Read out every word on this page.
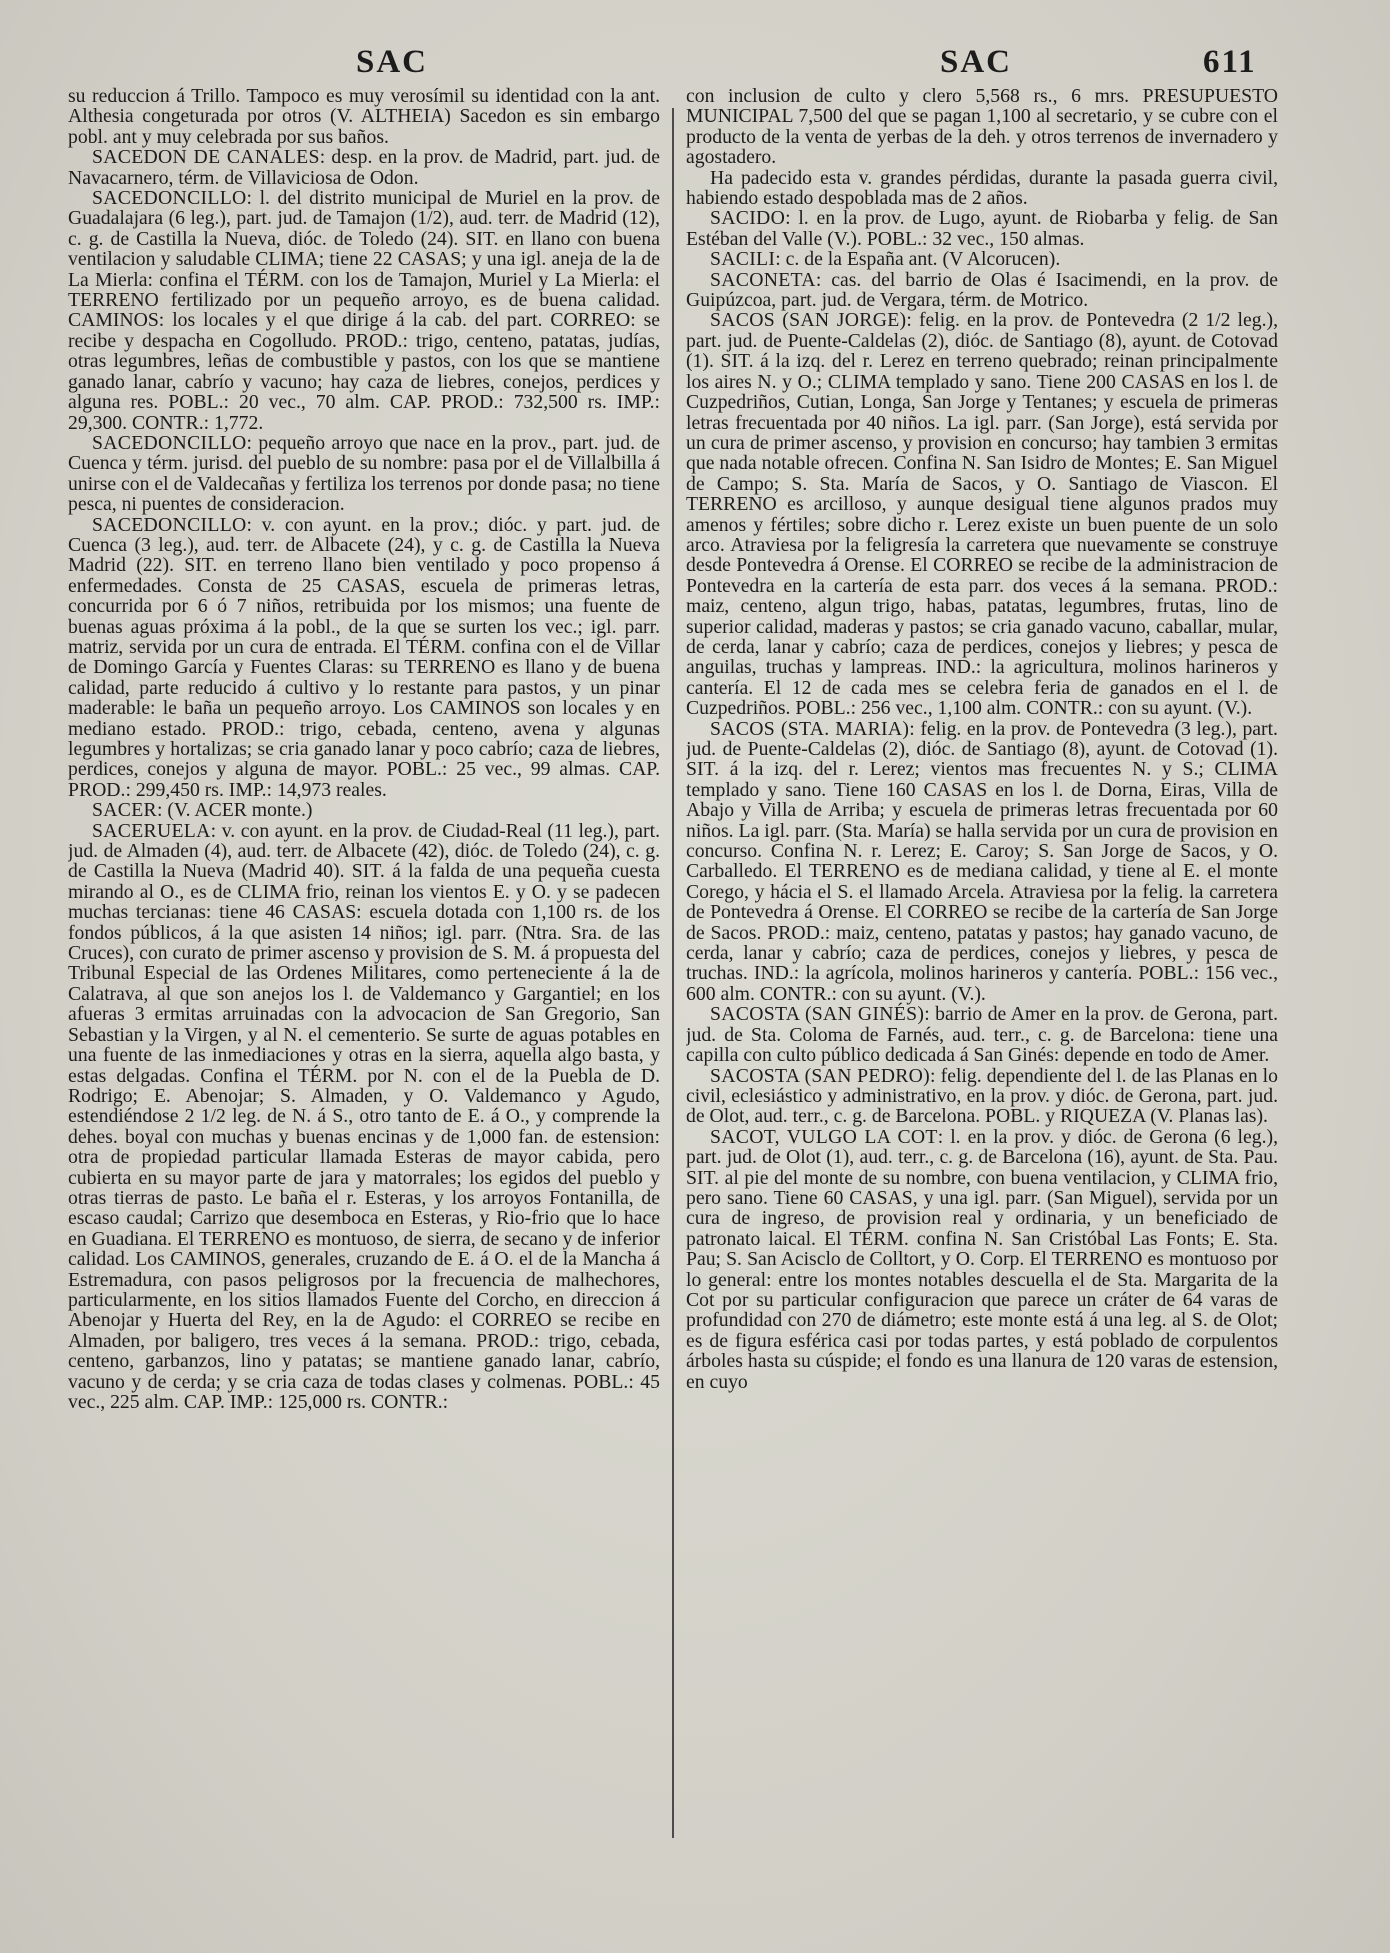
SAC	SAC	611

su reduccion á Trillo. Tampoco es muy verosímil su identidad con la ant. Althesia congeturada por otros (V. ALTHEIA) Sacedon es sin embargo pobl. ant y muy celebrada por sus baños.

SACEDON DE CANALES: desp. en la prov. de Madrid, part. jud. de Navacarnero, térm. de Villaviciosa de Odon.

SACEDONCILLO: l. del distrito municipal de Muriel en la prov. de Guadalajara (6 leg.), part. jud. de Tamajon (1/2), aud. terr. de Madrid (12), c. g. de Castilla la Nueva, dióc. de Toledo (24). SIT. en llano con buena ventilacion y saludable CLIMA; tiene 22 CASAS; y una igl. aneja de la de La Mierla: confina el TÉRM. con los de Tamajon, Muriel y La Mierla: el TERRENO fertilizado por un pequeño arroyo, es de buena calidad. CAMINOS: los locales y el que dirige á la cab. del part. CORREO: se recibe y despacha en Cogolludo. PROD.: trigo, centeno, patatas, judías, otras legumbres, leñas de combustible y pastos, con los que se mantiene ganado lanar, cabrío y vacuno; hay caza de liebres, conejos, perdices y alguna res. POBL.: 20 vec., 70 alm. CAP. PROD.: 732,500 rs. IMP.: 29,300. CONTR.: 1,772.

SACEDONCILLO: pequeño arroyo que nace en la prov., part. jud. de Cuenca y térm. jurisd. del pueblo de su nombre: pasa por el de Villalbilla á unirse con el de Valdecañas y fertiliza los terrenos por donde pasa; no tiene pesca, ni puentes de consideracion.

SACEDONCILLO: v. con ayunt. en la prov.; dióc. y part. jud. de Cuenca (3 leg.), aud. terr. de Albacete (24), y c. g. de Castilla la Nueva Madrid (22). SIT. en terreno llano bien ventilado y poco propenso á enfermedades. Consta de 25 CASAS, escuela de primeras letras, concurrida por 6 ó 7 niños, retribuida por los mismos; una fuente de buenas aguas próxima á la pobl., de la que se surten los vec.; igl. parr. matriz, servida por un cura de entrada. El TÉRM. confina con el de Villar de Domingo García y Fuentes Claras: su TERRENO es llano y de buena calidad, parte reducido á cultivo y lo restante para pastos, y un pinar maderable: le baña un pequeño arroyo. Los CAMINOS son locales y en mediano estado. PROD.: trigo, cebada, centeno, avena y algunas legumbres y hortalizas; se cria ganado lanar y poco cabrío; caza de liebres, perdices, conejos y alguna de mayor. POBL.: 25 vec., 99 almas. CAP. PROD.: 299,450 rs. IMP.: 14,973 reales.

SACER: (V. ACER monte.)

SACERUELA: v. con ayunt. en la prov. de Ciudad-Real (11 leg.), part. jud. de Almaden (4), aud. terr. de Albacete (42), dióc. de Toledo (24), c. g. de Castilla la Nueva (Madrid 40). SIT. á la falda de una pequeña cuesta mirando al O., es de CLIMA frio, reinan los vientos E. y O. y se padecen muchas tercianas: tiene 46 CASAS: escuela dotada con 1,100 rs. de los fondos públicos, á la que asisten 14 niños; igl. parr. (Ntra. Sra. de las Cruces), con curato de primer ascenso y provision de S. M. á propuesta del Tribunal Especial de las Ordenes Militares, como perteneciente á la de Calatrava, al que son anejos los l. de Valdemanco y Gargantiel; en los afueras 3 ermitas arruinadas con la advocacion de San Gregorio, San Sebastian y la Virgen, y al N. el cementerio. Se surte de aguas potables en una fuente de las inmediaciones y otras en la sierra, aquella algo basta, y estas delgadas. Confina el TÉRM. por N. con el de la Puebla de D. Rodrigo; E. Abenojar; S. Almaden, y O. Valdemanco y Agudo, estendiéndose 2 1/2 leg. de N. á S., otro tanto de E. á O., y comprende la dehes. boyal con muchas y buenas encinas y de 1,000 fan. de estension: otra de propiedad particular llamada Esteras de mayor cabida, pero cubierta en su mayor parte de jara y matorrales; los egidos del pueblo y otras tierras de pasto. Le baña el r. Esteras, y los arroyos Fontanilla, de escaso caudal; Carrizo que desemboca en Esteras, y Rio-frio que lo hace en Guadiana. El TERRENO es montuoso, de sierra, de secano y de inferior calidad. Los CAMINOS, generales, cruzando de E. á O. el de la Mancha á Estremadura, con pasos peligrosos por la frecuencia de malhechores, particularmente, en los sitios llamados Fuente del Corcho, en direccion á Abenojar y Huerta del Rey, en la de Agudo: el CORREO se recibe en Almaden, por baligero, tres veces á la semana. PROD.: trigo, cebada, centeno, garbanzos, lino y patatas; se mantiene ganado lanar, cabrío, vacuno y de cerda; y se cria caza de todas clases y colmenas. POBL.: 45 vec., 225 alm. CAP. IMP.: 125,000 rs. CONTR.:

con inclusion de culto y clero 5,568 rs., 6 mrs. PRESUPUESTO MUNICIPAL 7,500 del que se pagan 1,100 al secretario, y se cubre con el producto de la venta de yerbas de la deh. y otros terrenos de invernadero y agostadero.

Ha padecido esta v. grandes pérdidas, durante la pasada guerra civil, habiendo estado despoblada mas de 2 años.

SACIDO: l. en la prov. de Lugo, ayunt. de Riobarba y felig. de San Estéban del Valle (V.). POBL.: 32 vec., 150 almas.

SACILI: c. de la España ant. (V Alcorucen).

SACONETA: cas. del barrio de Olas é Isacimendi, en la prov. de Guipúzcoa, part. jud. de Vergara, térm. de Motrico.

SACOS (SAN JORGE): felig. en la prov. de Pontevedra (2 1/2 leg.), part. jud. de Puente-Caldelas (2), dióc. de Santiago (8), ayunt. de Cotovad (1). SIT. á la izq. del r. Lerez en terreno quebrado; reinan principalmente los aires N. y O.; CLIMA templado y sano. Tiene 200 CASAS en los l. de Cuzpedriños, Cutian, Longa, San Jorge y Tentanes; y escuela de primeras letras frecuentada por 40 niños. La igl. parr. (San Jorge), está servida por un cura de primer ascenso, y provision en concurso; hay tambien 3 ermitas que nada notable ofrecen. Confina N. San Isidro de Montes; E. San Miguel de Campo; S. Sta. María de Sacos, y O. Santiago de Viascon. El TERRENO es arcilloso, y aunque desigual tiene algunos prados muy amenos y fértiles; sobre dicho r. Lerez existe un buen puente de un solo arco. Atraviesa por la feligresía la carretera que nuevamente se construye desde Pontevedra á Orense. El CORREO se recibe de la administracion de Pontevedra en la cartería de esta parr. dos veces á la semana. PROD.: maiz, centeno, algun trigo, habas, patatas, legumbres, frutas, lino de superior calidad, maderas y pastos; se cria ganado vacuno, caballar, mular, de cerda, lanar y cabrío; caza de perdices, conejos y liebres; y pesca de anguilas, truchas y lampreas. IND.: la agricultura, molinos harineros y cantería. El 12 de cada mes se celebra feria de ganados en el l. de Cuzpedriños. POBL.: 256 vec., 1,100 alm. CONTR.: con su ayunt. (V.).

SACOS (STA. MARIA): felig. en la prov. de Pontevedra (3 leg.), part. jud. de Puente-Caldelas (2), dióc. de Santiago (8), ayunt. de Cotovad (1). SIT. á la izq. del r. Lerez; vientos mas frecuentes N. y S.; CLIMA templado y sano. Tiene 160 CASAS en los l. de Dorna, Eiras, Villa de Abajo y Villa de Arriba; y escuela de primeras letras frecuentada por 60 niños. La igl. parr. (Sta. María) se halla servida por un cura de provision en concurso. Confina N. r. Lerez; E. Caroy; S. San Jorge de Sacos, y O. Carballedo. El TERRENO es de mediana calidad, y tiene al E. el monte Corego, y hácia el S. el llamado Arcela. Atraviesa por la felig. la carretera de Pontevedra á Orense. El CORREO se recibe de la cartería de San Jorge de Sacos. PROD.: maiz, centeno, patatas y pastos; hay ganado vacuno, de cerda, lanar y cabrío; caza de perdices, conejos y liebres, y pesca de truchas. IND.: la agrícola, molinos harineros y cantería. POBL.: 156 vec., 600 alm. CONTR.: con su ayunt. (V.).

SACOSTA (SAN GINÉS): barrio de Amer en la prov. de Gerona, part. jud. de Sta. Coloma de Farnés, aud. terr., c. g. de Barcelona: tiene una capilla con culto público dedicada á San Ginés: depende en todo de Amer.

SACOSTA (SAN PEDRO): felig. dependiente del l. de las Planas en lo civil, eclesiástico y administrativo, en la prov. y dióc. de Gerona, part. jud. de Olot, aud. terr., c. g. de Barcelona. POBL. y RIQUEZA (V. Planas las).

SACOT, VULGO LA COT: l. en la prov. y dióc. de Gerona (6 leg.), part. jud. de Olot (1), aud. terr., c. g. de Barcelona (16), ayunt. de Sta. Pau. SIT. al pie del monte de su nombre, con buena ventilacion, y CLIMA frio, pero sano. Tiene 60 CASAS, y una igl. parr. (San Miguel), servida por un cura de ingreso, de provision real y ordinaria, y un beneficiado de patronato laical. El TÉRM. confina N. San Cristóbal Las Fonts; E. Sta. Pau; S. San Acisclo de Colltort, y O. Corp. El TERRENO es montuoso por lo general: entre los montes notables descuella el de Sta. Margarita de la Cot por su particular configuracion que parece un cráter de 64 varas de profundidad con 270 de diámetro; este monte está á una leg. al S. de Olot; es de figura esférica casi por todas partes, y está poblado de corpulentos árboles hasta su cúspide; el fondo es una llanura de 120 varas de estension, en cuyo
